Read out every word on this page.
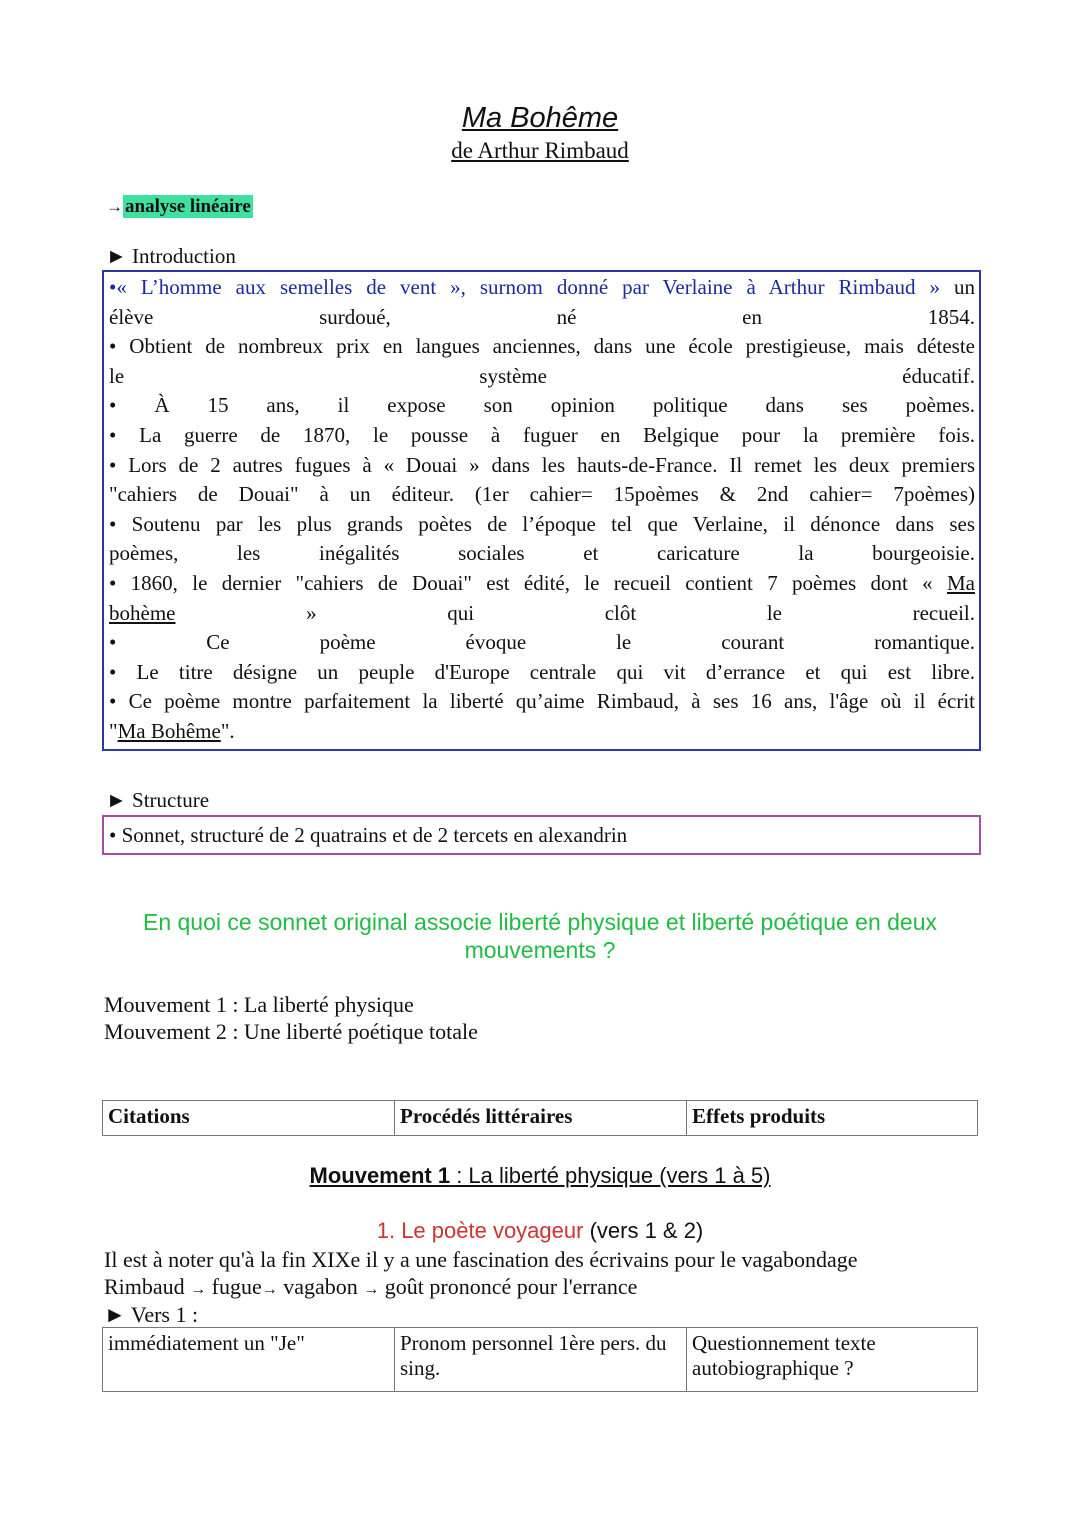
Ma Bohême
de Arthur Rimbaud
→ analyse linéaire
► Introduction
•« L’homme aux semelles de vent », surnom donné par Verlaine à Arthur Rimbaud » un
élève surdoué, né en 1854.
• Obtient de nombreux prix en langues anciennes, dans une école prestigieuse, mais déteste
le système éducatif.
• À 15 ans, il expose son opinion politique dans ses poèmes.
• La guerre de 1870, le pousse à fuguer en Belgique pour la première fois.
• Lors de 2 autres fugues à « Douai » dans les hauts-de-France. Il remet les deux premiers
"cahiers de Douai" à un éditeur. (1er cahier= 15poèmes & 2nd cahier= 7poèmes)
• Soutenu par les plus grands poètes de l’époque tel que Verlaine, il dénonce dans ses
poèmes, les inégalités sociales et caricature la bourgeoisie.
• 1860, le dernier "cahiers de Douai" est édité, le recueil contient 7 poèmes dont « Ma
bohème » qui clôt le recueil.
• Ce poème évoque le courant romantique.
• Le titre désigne un peuple d'Europe centrale qui vit d’errance et qui est libre.
• Ce poème montre parfaitement la liberté qu’aime Rimbaud, à ses 16 ans, l'âge où il écrit
"Ma Bohême".
► Structure
• Sonnet, structuré de 2 quatrains et de 2 tercets en alexandrin
En quoi ce sonnet original associe liberté physique et liberté poétique en deux mouvements ?
Mouvement 1 : La liberté physique
Mouvement 2 : Une liberté poétique totale
Citations	Procédés littéraires	Effets produits
Mouvement 1 : La liberté physique (vers 1 à 5)
1. Le poète voyageur (vers 1 & 2)
Il est à noter qu'à la fin XIXe il y a une fascination des écrivains pour le vagabondage
Rimbaud → fugue→ vagabon → goût prononcé pour l'errance
► Vers 1 :
immédiatement un "Je"	Pronom personnel 1ère pers. du sing.	Questionnement texte autobiographique ?
